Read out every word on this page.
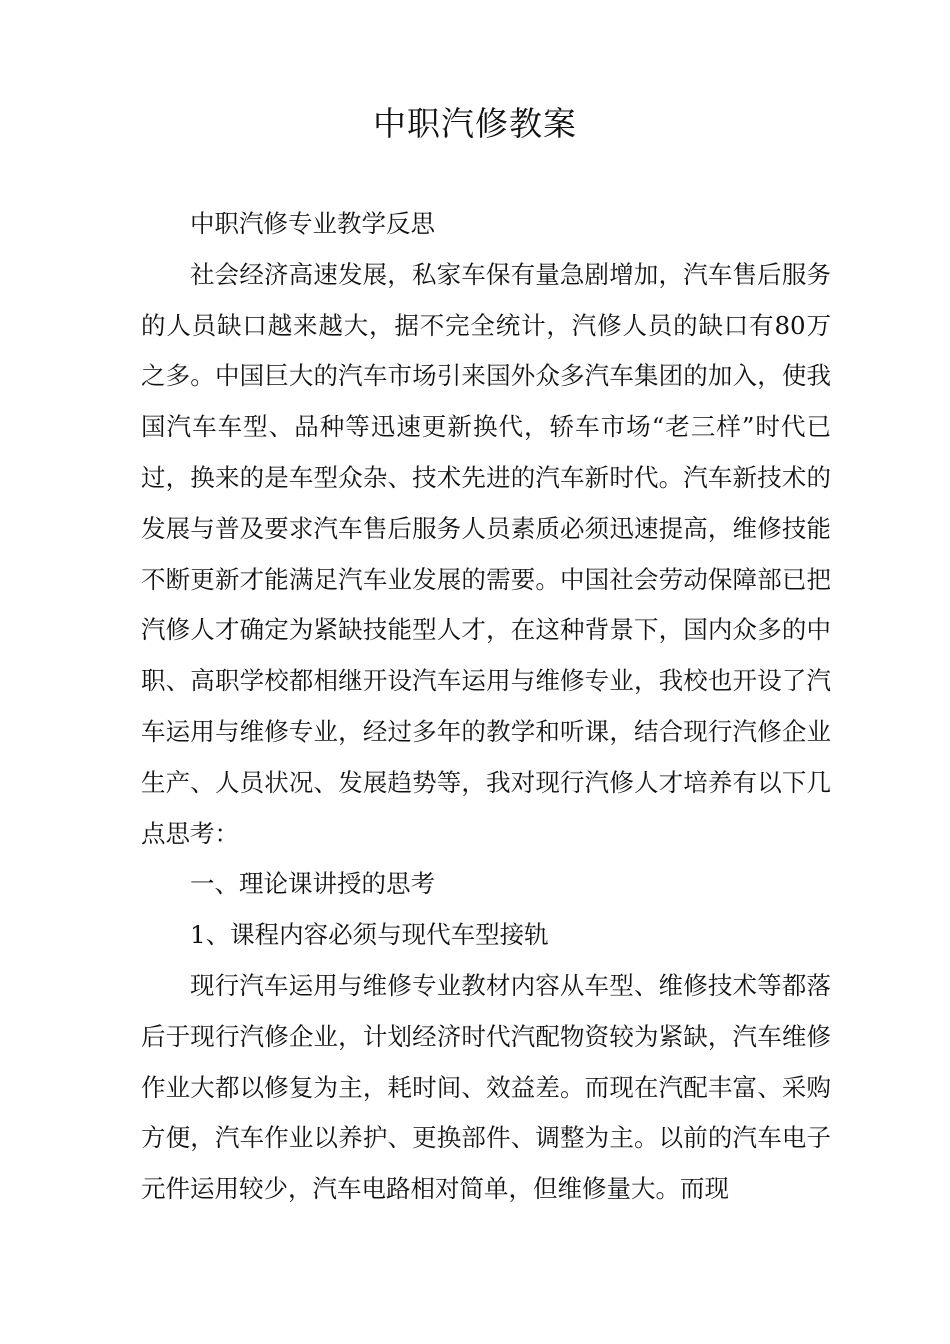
中职汽修教案

中职汽修专业教学反思

社会经济高速发展，私家车保有量急剧增加，汽车售后服务的人员缺口越来越大，据不完全统计，汽修人员的缺口有80万之多。中国巨大的汽车市场引来国外众多汽车集团的加入，使我国汽车车型、品种等迅速更新换代，轿车市场“老三样”时代已过，换来的是车型众杂、技术先进的汽车新时代。汽车新技术的发展与普及要求汽车售后服务人员素质必须迅速提高，维修技能不断更新才能满足汽车业发展的需要。中国社会劳动保障部已把汽修人才确定为紧缺技能型人才，在这种背景下，国内众多的中职、高职学校都相继开设汽车运用与维修专业，我校也开设了汽车运用与维修专业，经过多年的教学和听课，结合现行汽修企业生产、人员状况、发展趋势等，我对现行汽修人才培养有以下几点思考：

一、理论课讲授的思考

1、课程内容必须与现代车型接轨

现行汽车运用与维修专业教材内容从车型、维修技术等都落后于现行汽修企业，计划经济时代汽配物资较为紧缺，汽车维修作业大都以修复为主，耗时间、效益差。而现在汽配丰富、采购方便，汽车作业以养护、更换部件、调整为主。以前的汽车电子元件运用较少，汽车电路相对简单，但维修量大。而现
